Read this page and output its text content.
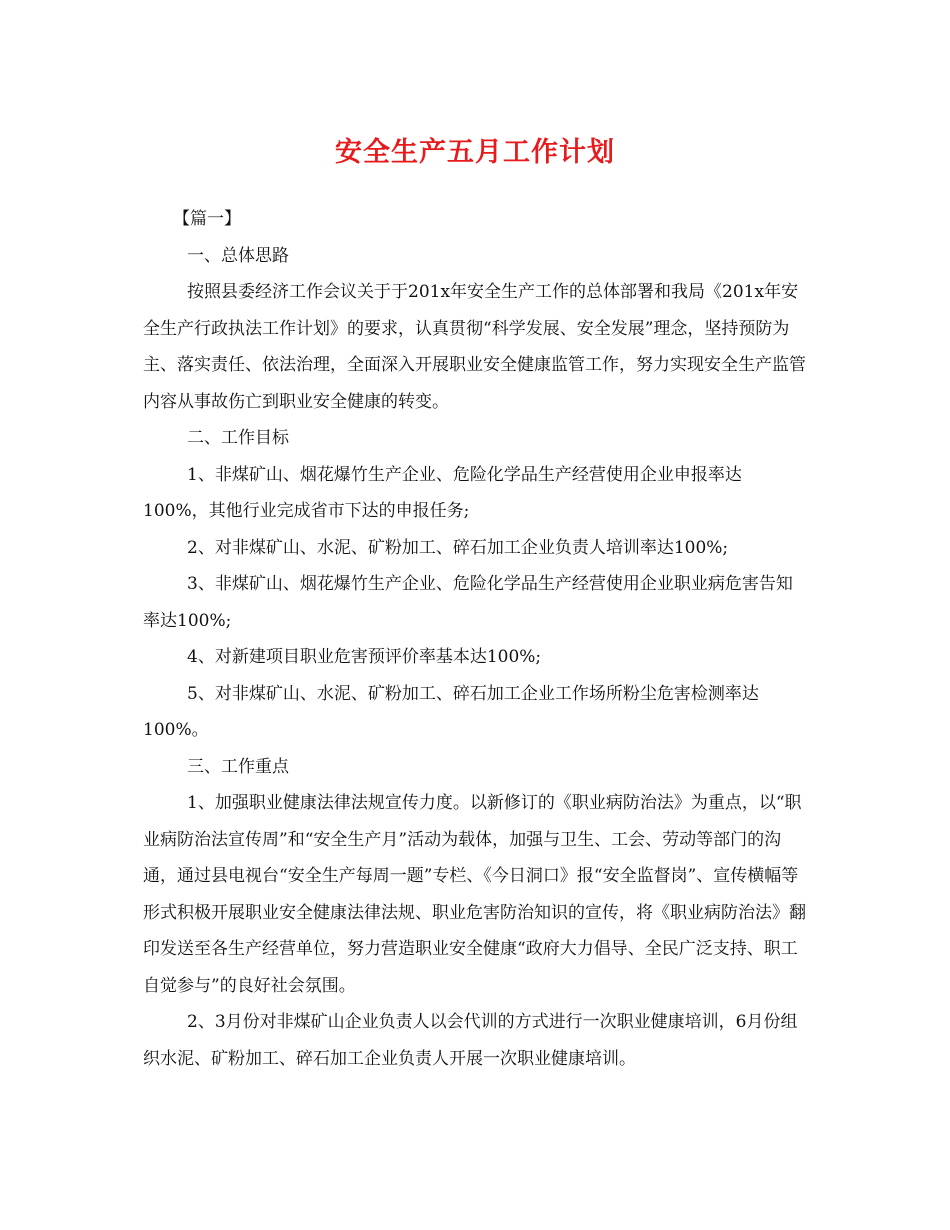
安全生产五月工作计划

【篇一】

一、总体思路

按照县委经济工作会议关于于201x年安全生产工作的总体部署和我局《201x年安全生产行政执法工作计划》的要求，认真贯彻“科学发展、安全发展”理念，坚持预防为主、落实责任、依法治理，全面深入开展职业安全健康监管工作，努力实现安全生产监管内容从事故伤亡到职业安全健康的转变。

二、工作目标

1、非煤矿山、烟花爆竹生产企业、危险化学品生产经营使用企业申报率达100%，其他行业完成省市下达的申报任务;

2、对非煤矿山、水泥、矿粉加工、碎石加工企业负责人培训率达100%;

3、非煤矿山、烟花爆竹生产企业、危险化学品生产经营使用企业职业病危害告知率达100%;

4、对新建项目职业危害预评价率基本达100%;

5、对非煤矿山、水泥、矿粉加工、碎石加工企业工作场所粉尘危害检测率达100%。

三、工作重点

1、加强职业健康法律法规宣传力度。以新修订的《职业病防治法》为重点，以“职业病防治法宣传周”和“安全生产月”活动为载体，加强与卫生、工会、劳动等部门的沟通，通过县电视台“安全生产每周一题”专栏、《今日洞口》报“安全监督岗”、宣传横幅等形式积极开展职业安全健康法律法规、职业危害防治知识的宣传，将《职业病防治法》翻印发送至各生产经营单位，努力营造职业安全健康“政府大力倡导、全民广泛支持、职工自觉参与”的良好社会氛围。

2、3月份对非煤矿山企业负责人以会代训的方式进行一次职业健康培训，6月份组织水泥、矿粉加工、碎石加工企业负责人开展一次职业健康培训。
